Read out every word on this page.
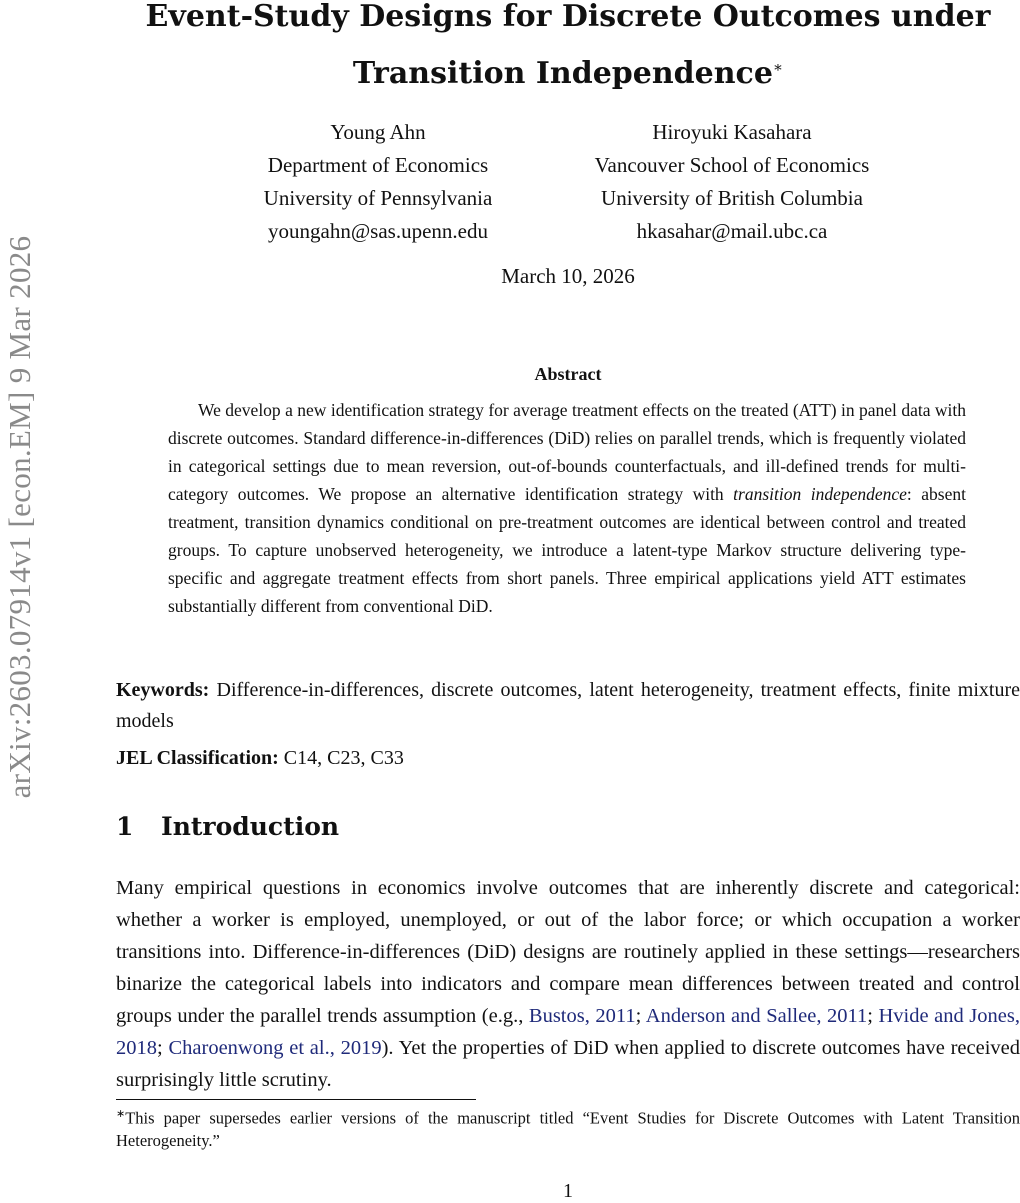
arXiv:2603.07914v1 [econ.EM] 9 Mar 2026
Event-Study Designs for Discrete Outcomes under Transition Independence∗
Young Ahn
Department of Economics
University of Pennsylvania
youngahn@sas.upenn.edu
Hiroyuki Kasahara
Vancouver School of Economics
University of British Columbia
hkasahar@mail.ubc.ca
March 10, 2026
Abstract
We develop a new identification strategy for average treatment effects on the treated (ATT) in panel data with discrete outcomes. Standard difference-in-differences (DiD) relies on parallel trends, which is frequently violated in categorical settings due to mean reversion, out-of-bounds counterfactuals, and ill-defined trends for multi-category outcomes. We propose an alternative identification strategy with transition independence: absent treatment, transition dynamics conditional on pre-treatment outcomes are identical between control and treated groups. To capture unobserved heterogeneity, we introduce a latent-type Markov structure delivering type-specific and aggregate treatment effects from short panels. Three empirical applications yield ATT estimates substantially different from conventional DiD.
Keywords: Difference-in-differences, discrete outcomes, latent heterogeneity, treatment effects, finite mixture models
JEL Classification: C14, C23, C33
1 Introduction
Many empirical questions in economics involve outcomes that are inherently discrete and categorical: whether a worker is employed, unemployed, or out of the labor force; or which occupation a worker transitions into. Difference-in-differences (DiD) designs are routinely applied in these settings—researchers binarize the categorical labels into indicators and compare mean differences between treated and control groups under the parallel trends assumption (e.g., Bustos, 2011; Anderson and Sallee, 2011; Hvide and Jones, 2018; Charoenwong et al., 2019). Yet the properties of DiD when applied to discrete outcomes have received surprisingly little scrutiny.
∗This paper supersedes earlier versions of the manuscript titled “Event Studies for Discrete Outcomes with Latent Transition Heterogeneity.”
1
